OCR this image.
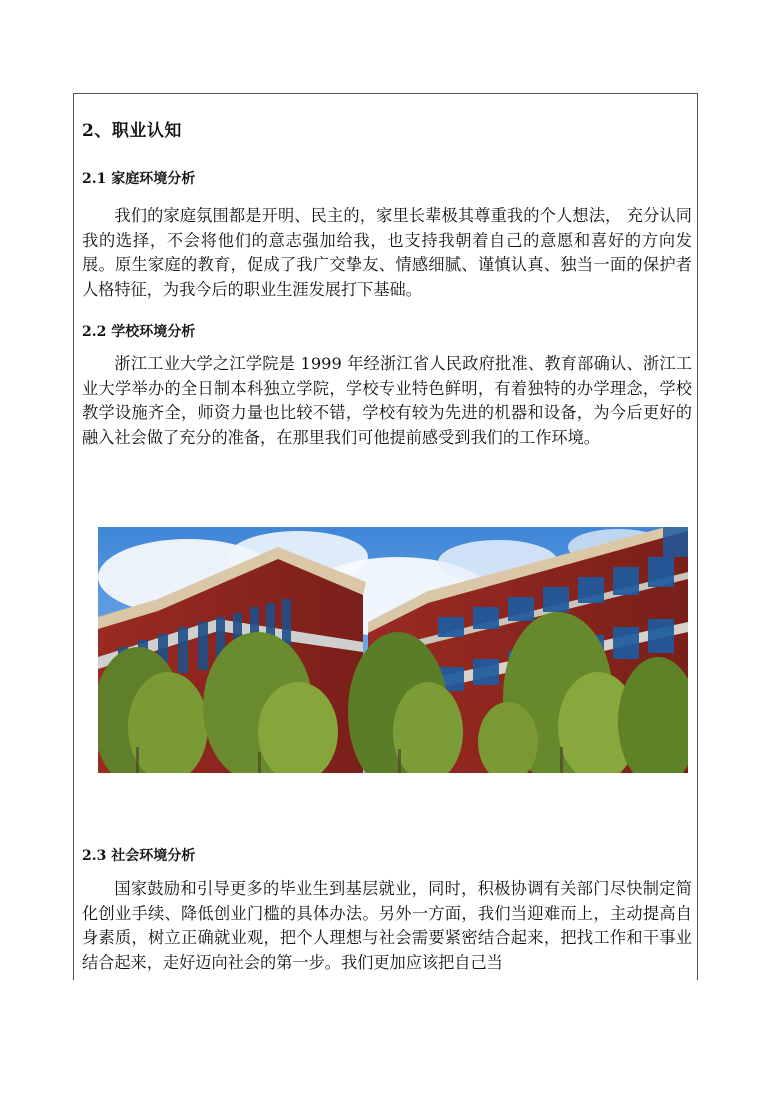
2、职业认知
2.1 家庭环境分析

我们的家庭氛围都是开明、民主的，家里长辈极其尊重我的个人想法， 充分认同我的选择，不会将他们的意志强加给我，也支持我朝着自己的意愿和喜好的方向发展。原生家庭的教育，促成了我广交挚友、情感细腻、谨慎认真、独当一面的保护者人格特征，为我今后的职业生涯发展打下基础。

2.2 学校环境分析

浙江工业大学之江学院是 1999 年经浙江省人民政府批准、教育部确认、浙江工业大学举办的全日制本科独立学院，学校专业特色鲜明，有着独特的办学理念，学校教学设施齐全，师资力量也比较不错，学校有较为先进的机器和设备，为今后更好的融入社会做了充分的准备，在那里我们可他提前感受到我们的工作环境。

2.3 社会环境分析

国家鼓励和引导更多的毕业生到基层就业，同时，积极协调有关部门尽快制定简化创业手续、降低创业门槛的具体办法。另外一方面，我们当迎难而上，主动提高自身素质，树立正确就业观，把个人理想与社会需要紧密结合起来，把找工作和干事业结合起来，走好迈向社会的第一步。我们更加应该把自己当
